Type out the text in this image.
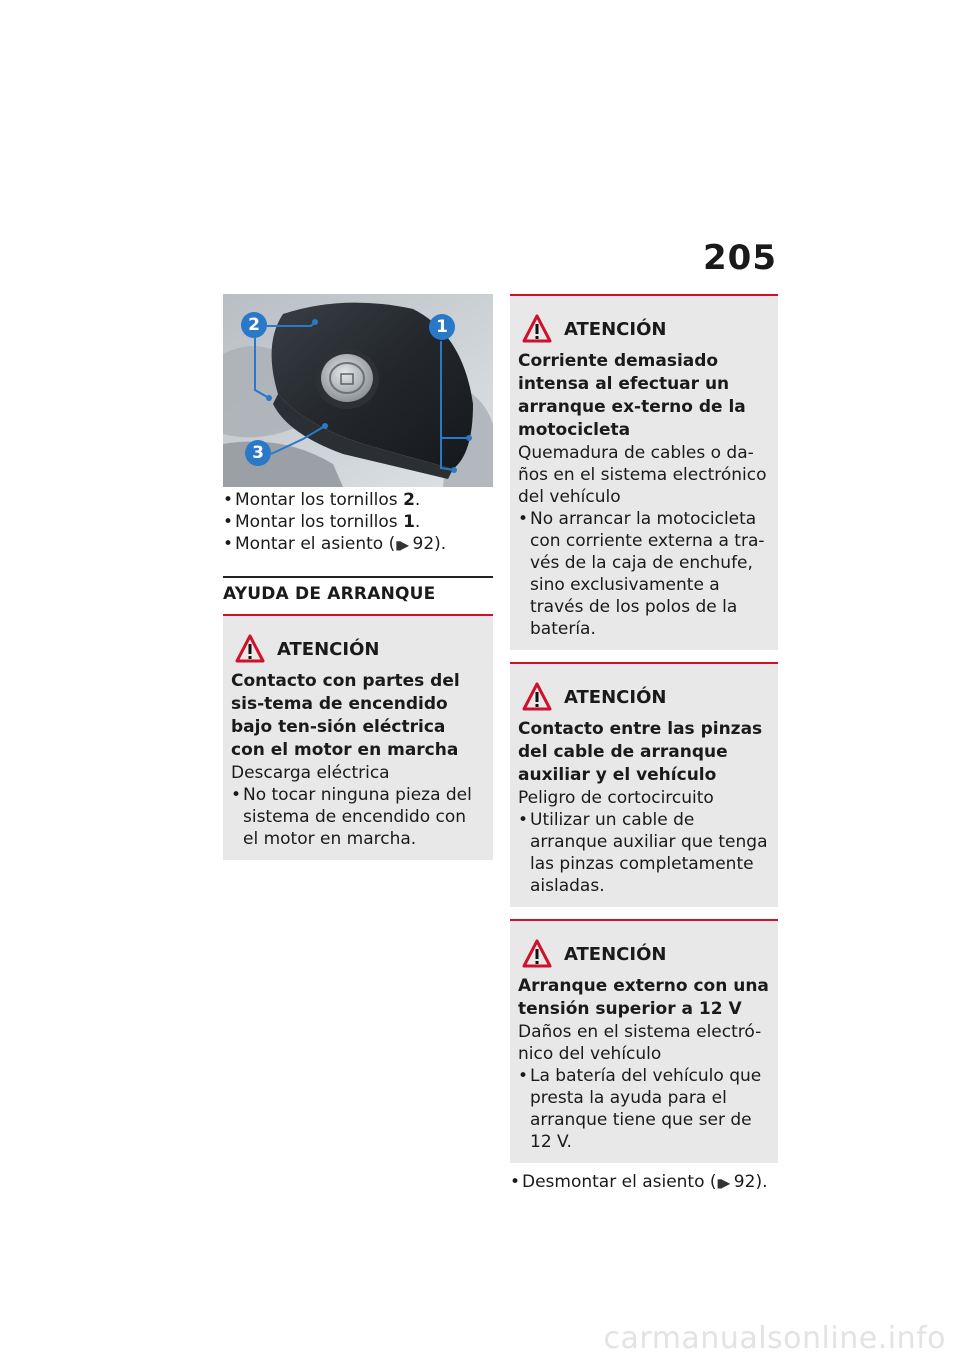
205
1
2
3
• Montar los tornillos 2.
• Montar los tornillos 1.
• Montar el asiento (▮▶ 92).
AYUDA DE ARRANQUE
ATENCIÓN
Contacto con partes del sis-tema de encendido bajo ten-sión eléctrica con el motor en marcha
Descarga eléctrica
• No tocar ninguna pieza del sistema de encendido con el motor en marcha.
ATENCIÓN
Corriente demasiado intensa al efectuar un arranque ex-terno de la motocicleta
Quemadura de cables o da-ños en el sistema electrónico del vehículo
• No arrancar la motocicleta con corriente externa a tra-vés de la caja de enchufe, sino exclusivamente a través de los polos de la batería.
ATENCIÓN
Contacto entre las pinzas del cable de arranque auxiliar y el vehículo
Peligro de cortocircuito
• Utilizar un cable de arranque auxiliar que tenga las pinzas completamente aisladas.
ATENCIÓN
Arranque externo con una tensión superior a 12 V
Daños en el sistema electró-nico del vehículo
• La batería del vehículo que presta la ayuda para el arranque tiene que ser de 12 V.
• Desmontar el asiento (▮▶ 92).
carmanualsonline.info
